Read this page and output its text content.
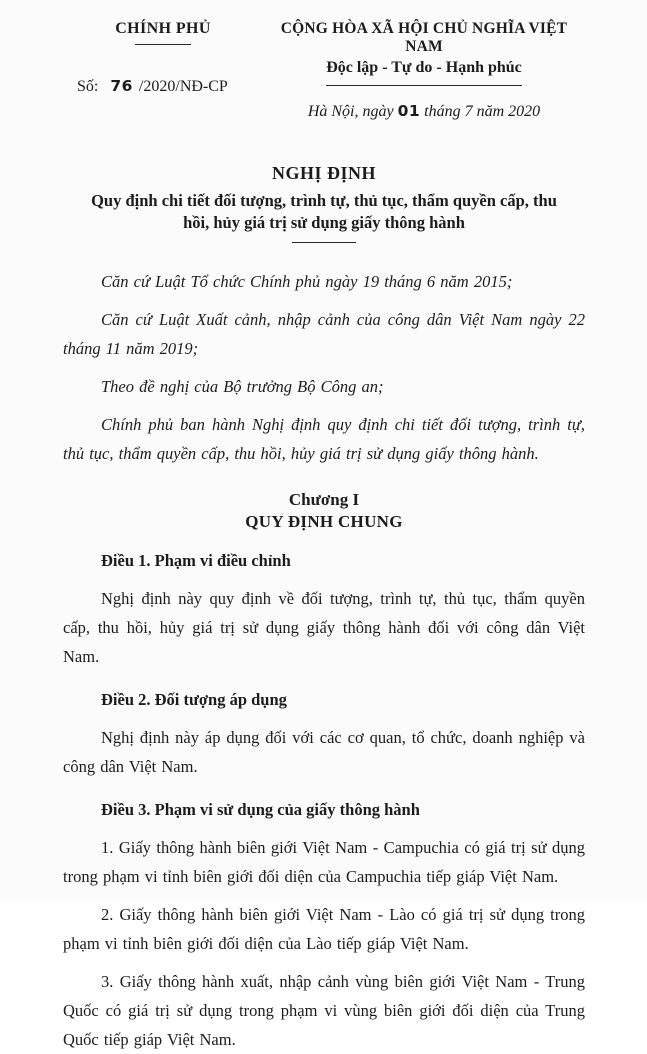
CHÍNH PHỦ
Số: 76 /2020/NĐ-CP
CỘNG HÒA XÃ HỘI CHỦ NGHĨA VIỆT NAM
Độc lập - Tự do - Hạnh phúc
Hà Nội, ngày 01 tháng 7 năm 2020
NGHỊ ĐỊNH
Quy định chi tiết đối tượng, trình tự, thủ tục, thẩm quyền cấp, thu hồi, hủy giá trị sử dụng giấy thông hành

Căn cứ Luật Tổ chức Chính phủ ngày 19 tháng 6 năm 2015;

Căn cứ Luật Xuất cảnh, nhập cảnh của công dân Việt Nam ngày 22 tháng 11 năm 2019;

Theo đề nghị của Bộ trưởng Bộ Công an;

Chính phủ ban hành Nghị định quy định chi tiết đối tượng, trình tự, thủ tục, thẩm quyền cấp, thu hồi, hủy giá trị sử dụng giấy thông hành.

Chương I
QUY ĐỊNH CHUNG
Điều 1. Phạm vi điều chỉnh

Nghị định này quy định về đối tượng, trình tự, thủ tục, thẩm quyền cấp, thu hồi, hủy giá trị sử dụng giấy thông hành đối với công dân Việt Nam.

Điều 2. Đối tượng áp dụng

Nghị định này áp dụng đối với các cơ quan, tổ chức, doanh nghiệp và công dân Việt Nam.

Điều 3. Phạm vi sử dụng của giấy thông hành

1. Giấy thông hành biên giới Việt Nam - Campuchia có giá trị sử dụng trong phạm vi tỉnh biên giới đối diện của Campuchia tiếp giáp Việt Nam.

2. Giấy thông hành biên giới Việt Nam - Lào có giá trị sử dụng trong phạm vi tỉnh biên giới đối diện của Lào tiếp giáp Việt Nam.

3. Giấy thông hành xuất, nhập cảnh vùng biên giới Việt Nam - Trung Quốc có giá trị sử dụng trong phạm vi vùng biên giới đối diện của Trung Quốc tiếp giáp Việt Nam.
